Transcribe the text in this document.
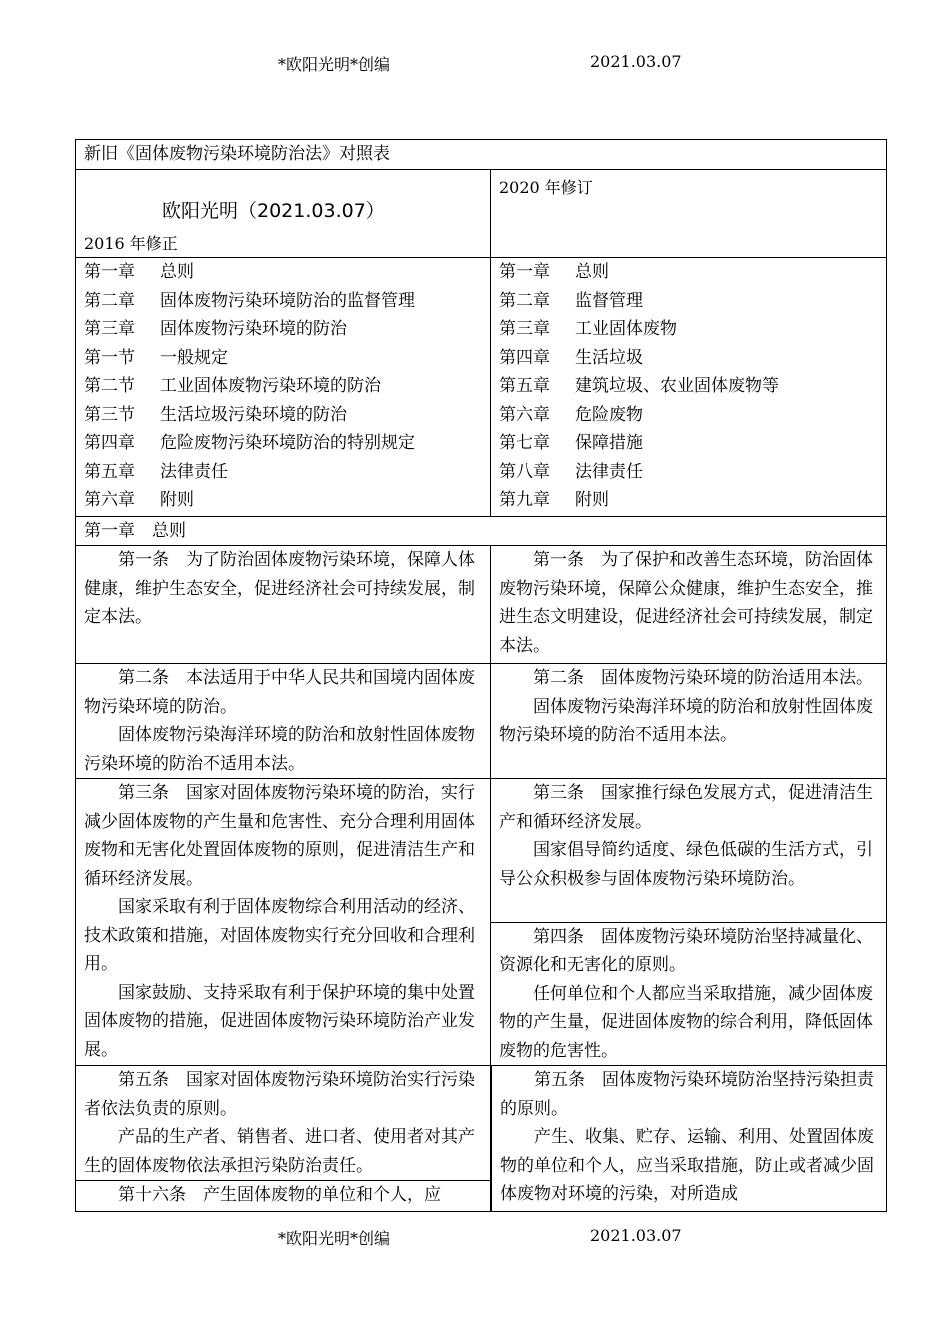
*欧阳光明*创编	2021.03.07
新旧《固体废物污染环境防治法》对照表
欧阳光明（2021.03.07）
2016 年修正
2020 年修订
第一章 总则
第二章 固体废物污染环境防治的监督管理
第三章 固体废物污染环境的防治
第一节 一般规定
第二节 工业固体废物污染环境的防治
第三节 生活垃圾污染环境的防治
第四章 危险废物污染环境防治的特别规定
第五章 法律责任
第六章 附则
第一章 总则
第二章 监督管理
第三章 工业固体废物
第四章 生活垃圾
第五章 建筑垃圾、农业固体废物等
第六章 危险废物
第七章 保障措施
第八章 法律责任
第九章 附则
第一章　总则

第一条　为了防治固体废物污染环境，保障人体健康，维护生态安全，促进经济社会可持续发展，制定本法。

第一条　为了保护和改善生态环境，防治固体废物污染环境，保障公众健康，维护生态安全，推进生态文明建设，促进经济社会可持续发展，制定本法。

第二条　本法适用于中华人民共和国境内固体废物污染环境的防治。

固体废物污染海洋环境的防治和放射性固体废物污染环境的防治不适用本法。

第二条　固体废物污染环境的防治适用本法。

固体废物污染海洋环境的防治和放射性固体废物污染环境的防治不适用本法。

第三条　国家对固体废物污染环境的防治，实行减少固体废物的产生量和危害性、充分合理利用固体废物和无害化处置固体废物的原则，促进清洁生产和循环经济发展。

国家采取有利于固体废物综合利用活动的经济、技术政策和措施，对固体废物实行充分回收和合理利用。

国家鼓励、支持采取有利于保护环境的集中处置固体废物的措施，促进固体废物污染环境防治产业发展。

第三条　国家推行绿色发展方式，促进清洁生产和循环经济发展。

国家倡导简约适度、绿色低碳的生活方式，引导公众积极参与固体废物污染环境防治。

第四条　固体废物污染环境防治坚持减量化、资源化和无害化的原则。

任何单位和个人都应当采取措施，减少固体废物的产生量，促进固体废物的综合利用，降低固体废物的危害性。

第五条　国家对固体废物污染环境防治实行污染者依法负责的原则。

产品的生产者、销售者、进口者、使用者对其产生的固体废物依法承担污染防治责任。

第十六条　产生固体废物的单位和个人，应

第五条　固体废物污染环境防治坚持污染担责的原则。

产生、收集、贮存、运输、利用、处置固体废物的单位和个人，应当采取措施，防止或者减少固体废物对环境的污染，对所造成

*欧阳光明*创编	2021.03.07
